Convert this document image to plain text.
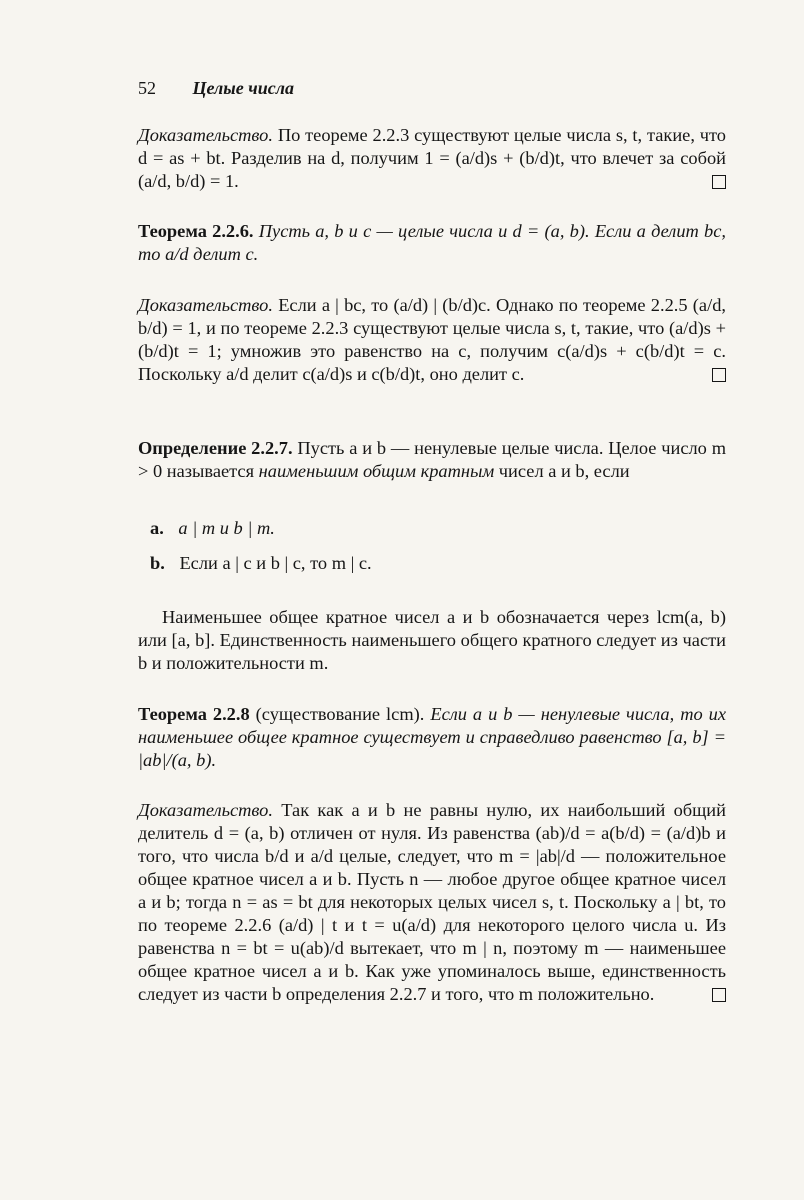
52 Целые числа

Доказательство. По теореме 2.2.3 существуют целые числа s, t, такие, что d = as + bt. Разделив на d, получим 1 = (a/d)s + (b/d)t, что влечет за собой (a/d, b/d) = 1.

Теорема 2.2.6. Пусть a, b и c — целые числа и d = (a, b). Если a делит bc, то a/d делит c.

Доказательство. Если a | bc, то (a/d) | (b/d)c. Однако по теореме 2.2.5 (a/d, b/d) = 1, и по теореме 2.2.3 существуют целые числа s, t, такие, что (a/d)s + (b/d)t = 1; умножив это равенство на c, получим c(a/d)s + c(b/d)t = c. Поскольку a/d делит c(a/d)s и c(b/d)t, оно делит c.

Определение 2.2.7. Пусть a и b — ненулевые целые числа. Целое число m > 0 называется наименьшим общим кратным чисел a и b, если

a. a | m и b | m.
b. Если a | c и b | c, то m | c.

Наименьшее общее кратное чисел a и b обозначается через lcm(a, b) или [a, b]. Единственность наименьшего общего кратного следует из части b и положительности m.

Теорема 2.2.8 (существование lcm). Если a и b — ненулевые числа, то их наименьшее общее кратное существует и справедливо равенство [a, b] = |ab|/(a, b).

Доказательство. Так как a и b не равны нулю, их наибольший общий делитель d = (a, b) отличен от нуля. Из равенства (ab)/d = a(b/d) = (a/d)b и того, что числа b/d и a/d целые, следует, что m = |ab|/d — положительное общее кратное чисел a и b. Пусть n — любое другое общее кратное чисел a и b; тогда n = as = bt для некоторых целых чисел s, t. Поскольку a | bt, то по теореме 2.2.6 (a/d) | t и t = u(a/d) для некоторого целого числа u. Из равенства n = bt = u(ab)/d вытекает, что m | n, поэтому m — наименьшее общее кратное чисел a и b. Как уже упоминалось выше, единственность следует из части b определения 2.2.7 и того, что m положительно.
